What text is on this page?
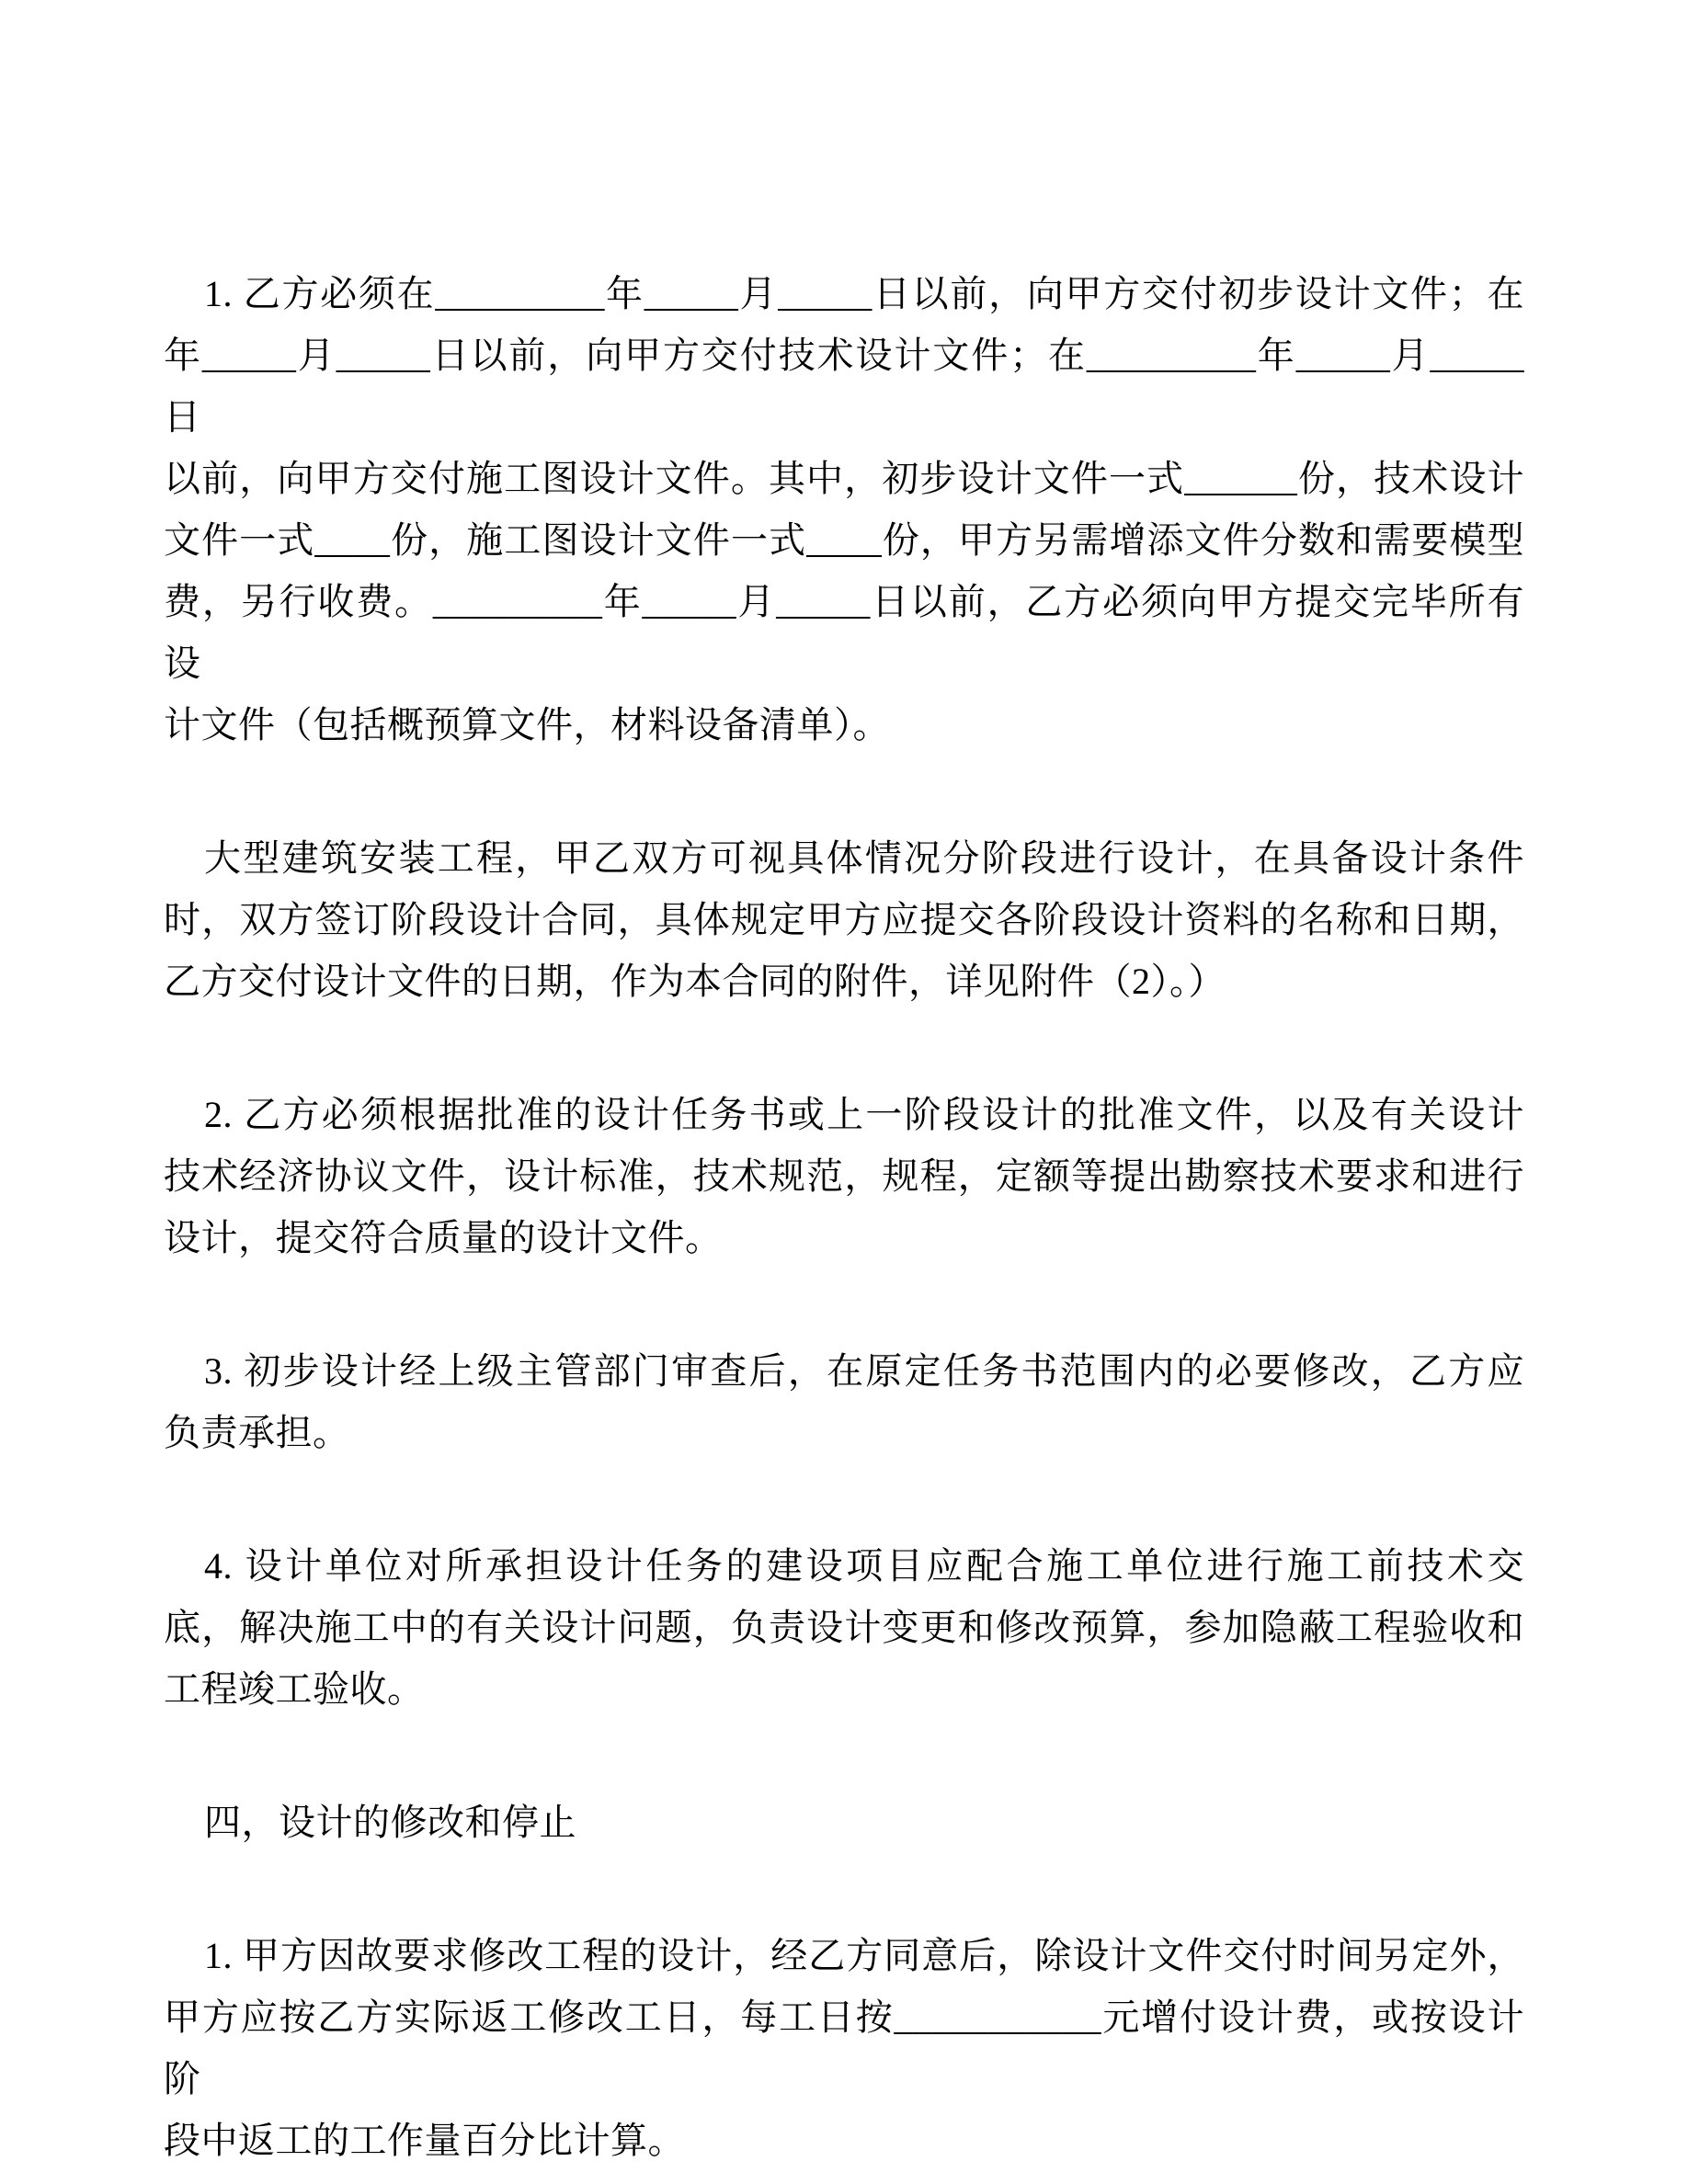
1. 乙方必须在_________年_____月_____日以前，向甲方交付初步设计文件；在
年_____月_____日以前，向甲方交付技术设计文件；在_________年_____月_____日
以前，向甲方交付施工图设计文件。其中，初步设计文件一式______份，技术设计
文件一式____份，施工图设计文件一式____份，甲方另需增添文件分数和需要模型
费，另行收费。_________年_____月_____日以前，乙方必须向甲方提交完毕所有设
计文件（包括概预算文件，材料设备清单）。
大型建筑安装工程，甲乙双方可视具体情况分阶段进行设计，在具备设计条件
时，双方签订阶段设计合同，具体规定甲方应提交各阶段设计资料的名称和日期，
乙方交付设计文件的日期，作为本合同的附件，详见附件（2）。）
2. 乙方必须根据批准的设计任务书或上一阶段设计的批准文件，以及有关设计
技术经济协议文件，设计标准，技术规范，规程，定额等提出勘察技术要求和进行
设计，提交符合质量的设计文件。
3. 初步设计经上级主管部门审查后，在原定任务书范围内的必要修改，乙方应
负责承担。
4. 设计单位对所承担设计任务的建设项目应配合施工单位进行施工前技术交
底，解决施工中的有关设计问题，负责设计变更和修改预算，参加隐蔽工程验收和
工程竣工验收。
四，设计的修改和停止
1. 甲方因故要求修改工程的设计，经乙方同意后，除设计文件交付时间另定外，
甲方应按乙方实际返工修改工日，每工日按___________元增付设计费，或按设计阶
段中返工的工作量百分比计算。
